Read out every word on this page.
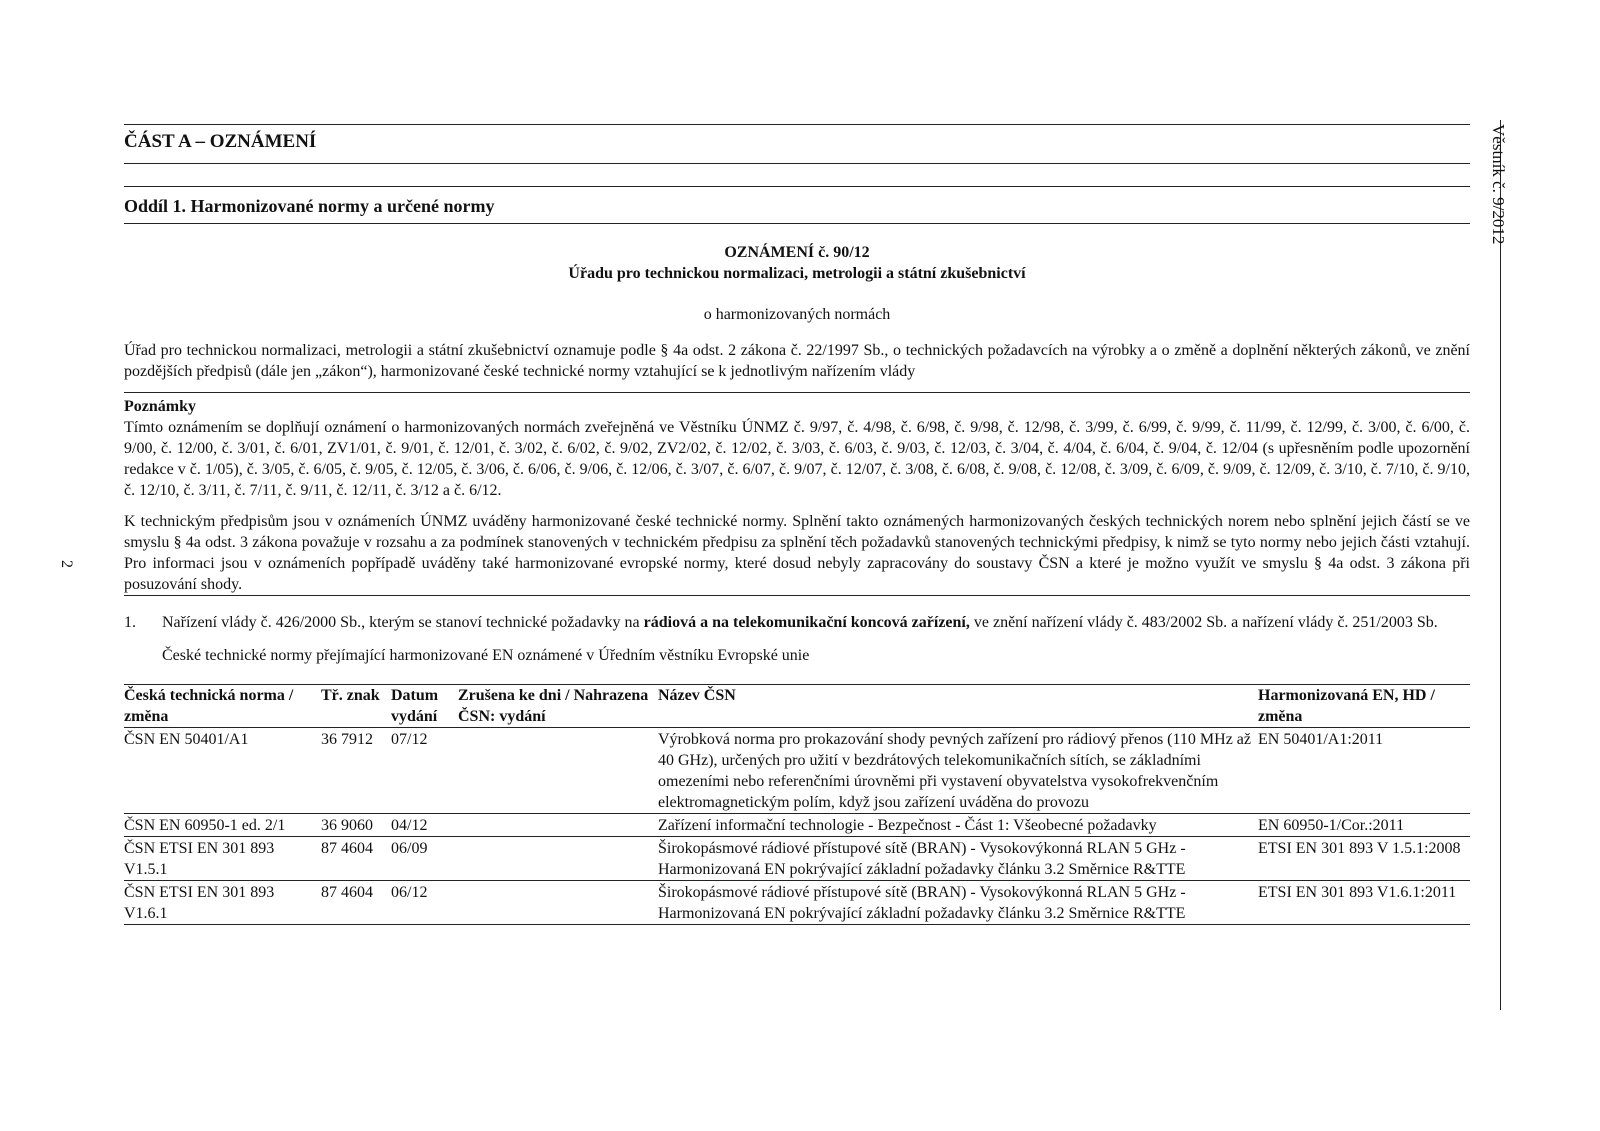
Věstník č. 9/2012
2
ČÁST A – OZNÁMENÍ
Oddíl 1. Harmonizované normy a určené normy
OZNÁMENÍ č. 90/12
Úřadu pro technickou normalizaci, metrologii a státní zkušebnictví
o harmonizovaných normách
Úřad pro technickou normalizaci, metrologii a státní zkušebnictví oznamuje podle § 4a odst. 2 zákona č. 22/1997 Sb., o technických požadavcích na výrobky a o změně a doplnění některých zákonů, ve znění pozdějších předpisů (dále jen „zákon“), harmonizované české technické normy vztahující se k jednotlivým nařízením vlády
Poznámky
Tímto oznámením se doplňují oznámení o harmonizovaných normách zveřejněná ve Věstníku ÚNMZ č. 9/97, č. 4/98, č. 6/98, č. 9/98, č. 12/98, č. 3/99, č. 6/99, č. 9/99, č. 11/99, č. 12/99, č. 3/00, č. 6/00, č. 9/00, č. 12/00, č. 3/01, č. 6/01, ZV1/01, č. 9/01, č. 12/01, č. 3/02, č. 6/02, č. 9/02, ZV2/02, č. 12/02, č. 3/03, č. 6/03, č. 9/03, č. 12/03, č. 3/04, č. 4/04, č. 6/04, č. 9/04, č. 12/04 (s upřesněním podle upozornění redakce v č. 1/05), č. 3/05, č. 6/05, č. 9/05, č. 12/05, č. 3/06, č. 6/06, č. 9/06, č. 12/06, č. 3/07, č. 6/07, č. 9/07, č. 12/07, č. 3/08, č. 6/08, č. 9/08, č. 12/08, č. 3/09, č. 6/09, č. 9/09, č. 12/09, č. 3/10, č. 7/10, č. 9/10, č. 12/10, č. 3/11, č. 7/11, č. 9/11, č. 12/11, č. 3/12 a č. 6/12.
K technickým předpisům jsou v oznámeních ÚNMZ uváděny harmonizované české technické normy. Splnění takto oznámených harmonizovaných českých technických norem nebo splnění jejich částí se ve smyslu § 4a odst. 3 zákona považuje v rozsahu a za podmínek stanovených v technickém předpisu za splnění těch požadavků stanovených technickými předpisy, k nimž se tyto normy nebo jejich části vztahují. Pro informaci jsou v oznámeních popřípadě uváděny také harmonizované evropské normy, které dosud nebyly zapracovány do soustavy ČSN a které je možno využít ve smyslu § 4a odst. 3 zákona při posuzování shody.
1.	Nařízení vlády č. 426/2000 Sb., kterým se stanoví technické požadavky na rádiová a na telekomunikační koncová zařízení, ve znění nařízení vlády č. 483/2002 Sb. a nařízení vlády č. 251/2003 Sb.
České technické normy přejímající harmonizované EN oznámené v Úředním věstníku Evropské unie
Česká technická norma / změna	Tř. znak	Datum vydání	Zrušena ke dni / Nahrazena ČSN: vydání	Název ČSN	Harmonizovaná EN, HD / změna
ČSN EN 50401/A1	36 7912	07/12		Výrobková norma pro prokazování shody pevných zařízení pro rádiový přenos (110 MHz až 40 GHz), určených pro užití v bezdrátových telekomunikačních sítích, se základními omezeními nebo referenčními úrovněmi při vystavení obyvatelstva vysokofrekvenčním elektromagnetickým polím, když jsou zařízení uváděna do provozu	EN 50401/A1:2011
ČSN EN 60950-1 ed. 2/1	36 9060	04/12		Zařízení informační technologie - Bezpečnost - Část 1: Všeobecné požadavky	EN 60950-1/Cor.:2011
ČSN ETSI EN 301 893 V1.5.1	87 4604	06/09		Širokopásmové rádiové přístupové sítě (BRAN) - Vysokovýkonná RLAN 5 GHz - Harmonizovaná EN pokrývající základní požadavky článku 3.2 Směrnice R&TTE	ETSI EN 301 893 V 1.5.1:2008
ČSN ETSI EN 301 893 V1.6.1	87 4604	06/12		Širokopásmové rádiové přístupové sítě (BRAN) - Vysokovýkonná RLAN 5 GHz - Harmonizovaná EN pokrývající základní požadavky článku 3.2 Směrnice R&TTE	ETSI EN 301 893 V1.6.1:2011
